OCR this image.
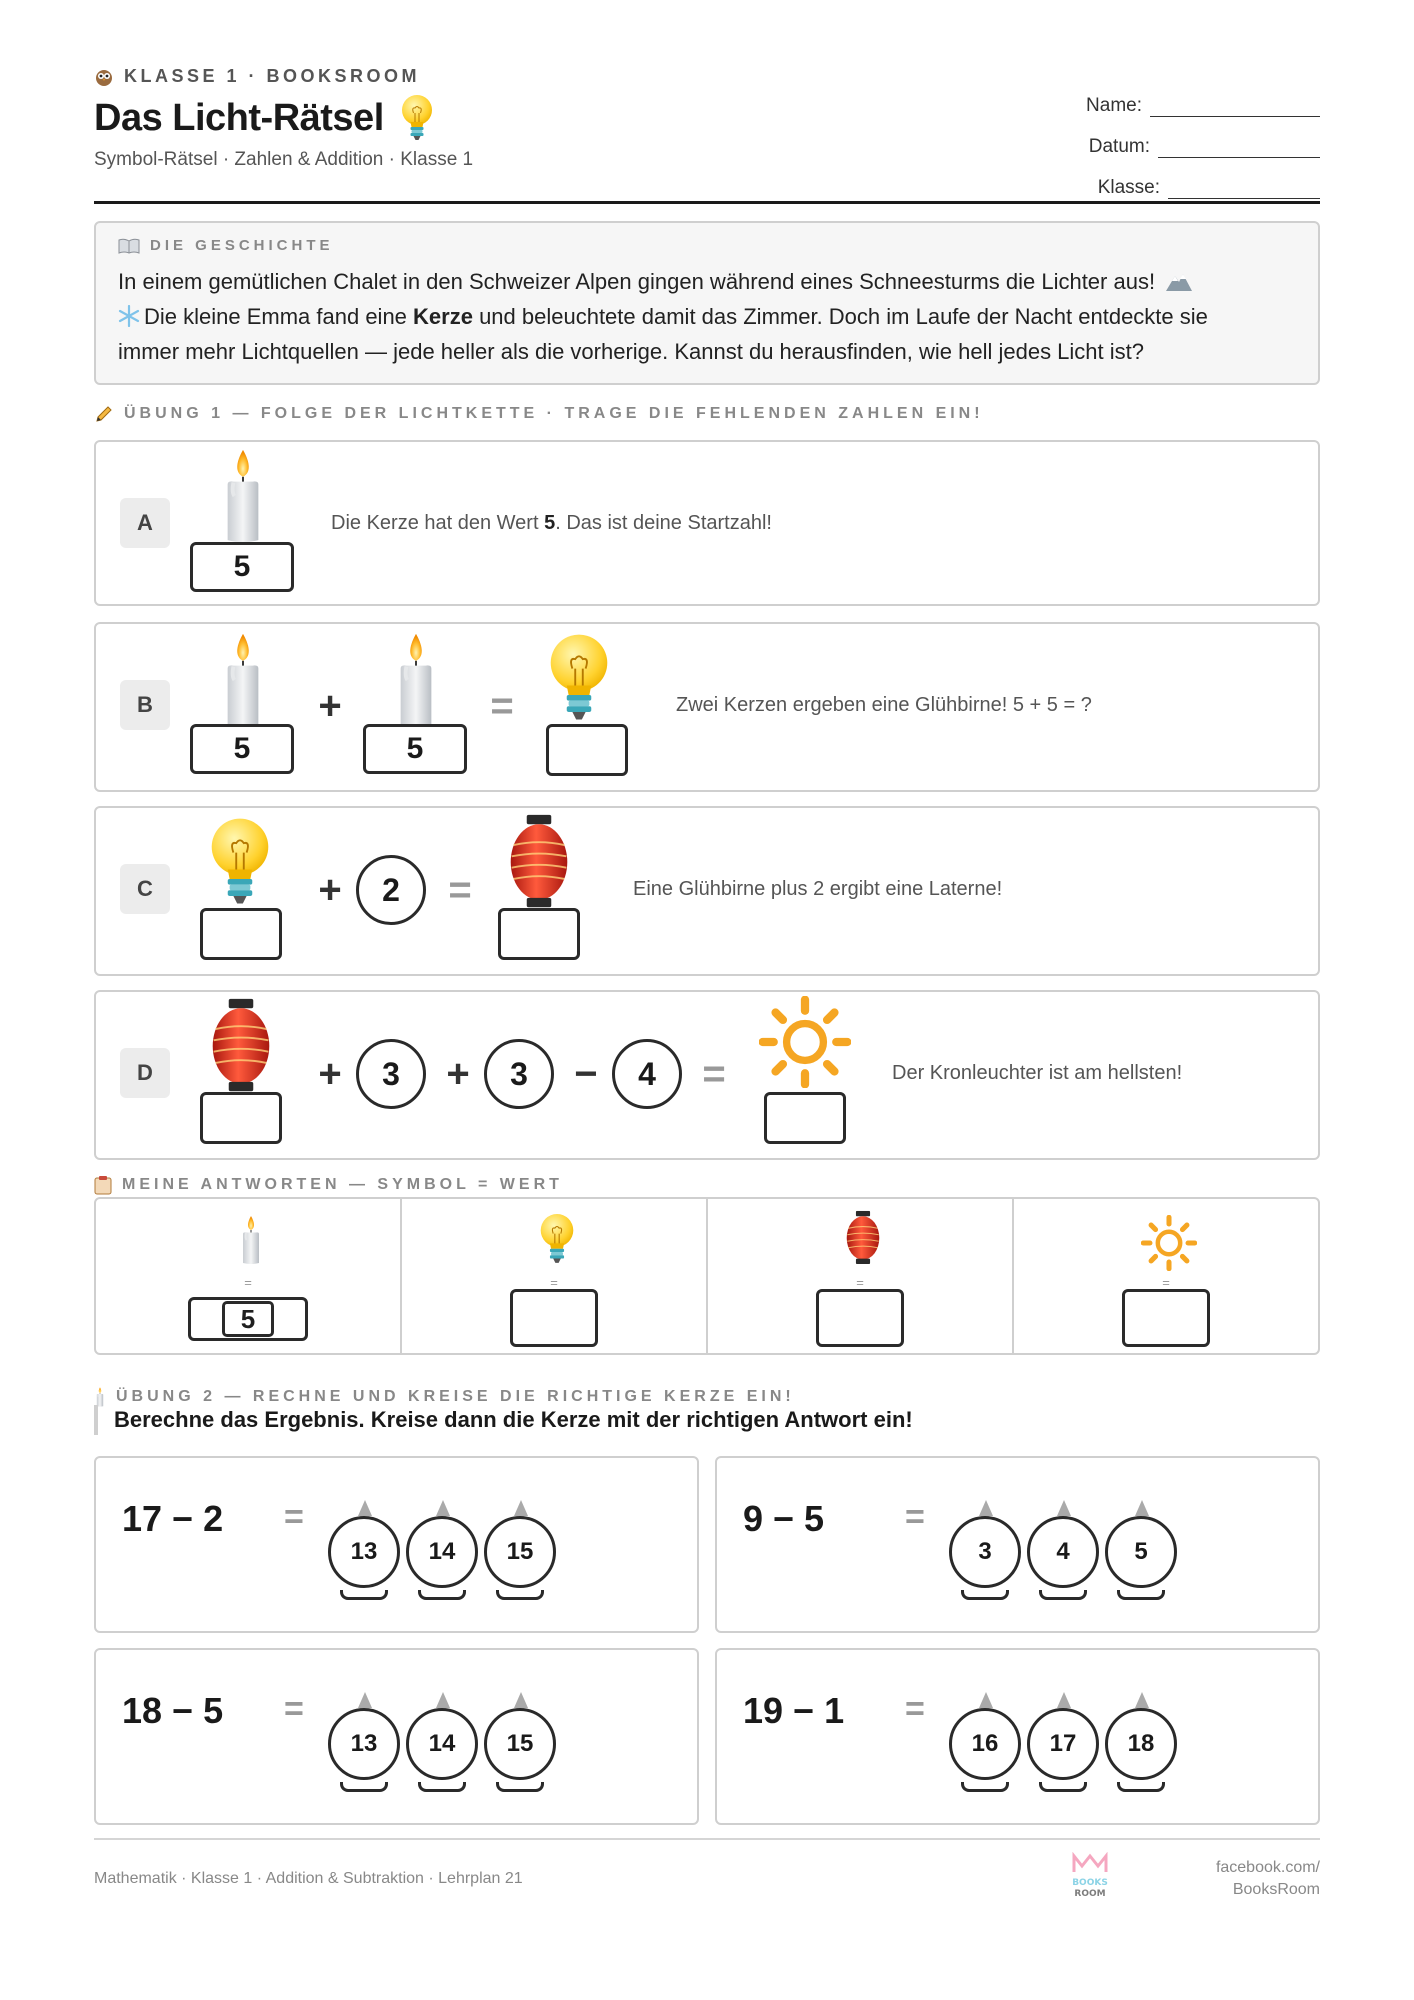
KLASSE 1 · BOOKSROOM
Das Licht-Rätsel
Symbol-Rätsel · Zahlen & Addition · Klasse 1
Name:
Datum:
Klasse:
DIE GESCHICHTE
In einem gemütlichen Chalet in den Schweizer Alpen gingen während eines Schneesturms die Lichter aus!
Die kleine Emma fand eine Kerze und beleuchtete damit das Zimmer. Doch im Laufe der Nacht entdeckte sie
immer mehr Lichtquellen — jede heller als die vorherige. Kannst du herausfinden, wie hell jedes Licht ist?
ÜBUNG 1 — FOLGE DER LICHTKETTE · TRAGE DIE FEHLENDEN ZAHLEN EIN!
A
5
Die Kerze hat den Wert 5. Das ist deine Startzahl!
B
5
+
5
=	Zwei Kerzen ergeben eine Glühbirne! 5 + 5 = ?
C	+	2	=	Eine Glühbirne plus 2 ergibt eine Laterne!
D	+	3	+	3	−	4	=	Der Kronleuchter ist am hellsten!
MEINE ANTWORTEN — SYMBOL = WERT
=
5
=	=	=
ÜBUNG 2 — RECHNE UND KREISE DIE RICHTIGE KERZE EIN!
Berechne das Ergebnis. Kreise dann die Kerze mit der richtigen Antwort ein!
17 − 2 =
13	14	15
9 − 5 =
3	4	5
18 − 5 =
13	14	15
19 − 1 =
16	17	18
Mathematik · Klasse 1 · Addition & Subtraktion · Lehrplan 21	BOOKS
ROOM
facebook.com/
BooksRoom
